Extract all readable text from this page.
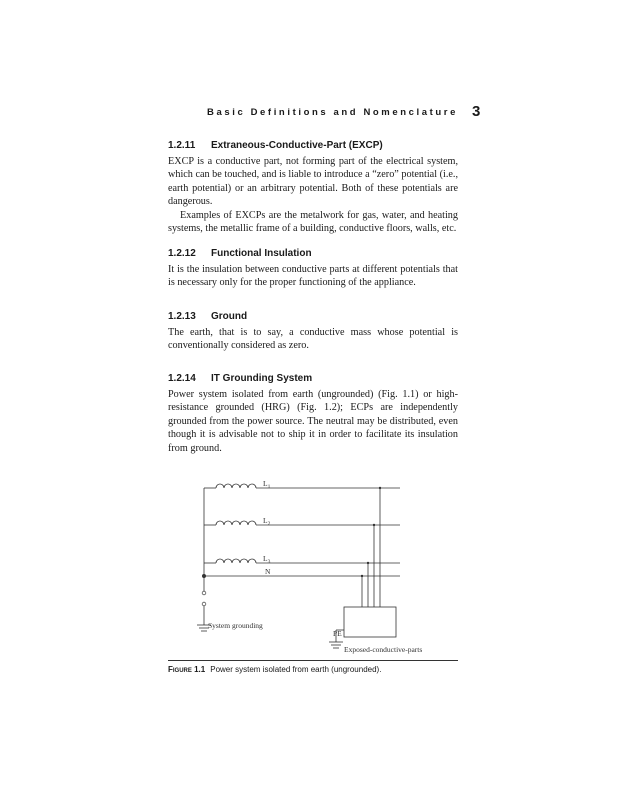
Basic Definitions and Nomenclature 3
1.2.11 Extraneous-Conductive-Part (EXCP)

EXCP is a conductive part, not forming part of the electrical system, which can be touched, and is liable to introduce a “zero” potential (i.e., earth potential) or an arbitrary potential. Both of these potentials are dangerous.

Examples of EXCPs are the metalwork for gas, water, and heating systems, the metallic frame of a building, conductive floors, walls, etc.

1.2.12 Functional Insulation

It is the insulation between conductive parts at different potentials that is necessary only for the proper functioning of the appliance.

1.2.13 Ground

The earth, that is to say, a conductive mass whose potential is conventionally considered as zero.

1.2.14 IT Grounding System

Power system isolated from earth (ungrounded) (Fig. 1.1) or high-resistance grounded (HRG) (Fig. 1.2); ECPs are independently grounded from the power source. The neutral may be distributed, even though it is advisable not to ship it in order to facilitate its insulation from ground.

$L_1$
$L_2$
$L_3$
N
System grounding
PE
Exposed-conductive-parts
Figure 1.1 Power system isolated from earth (ungrounded).
